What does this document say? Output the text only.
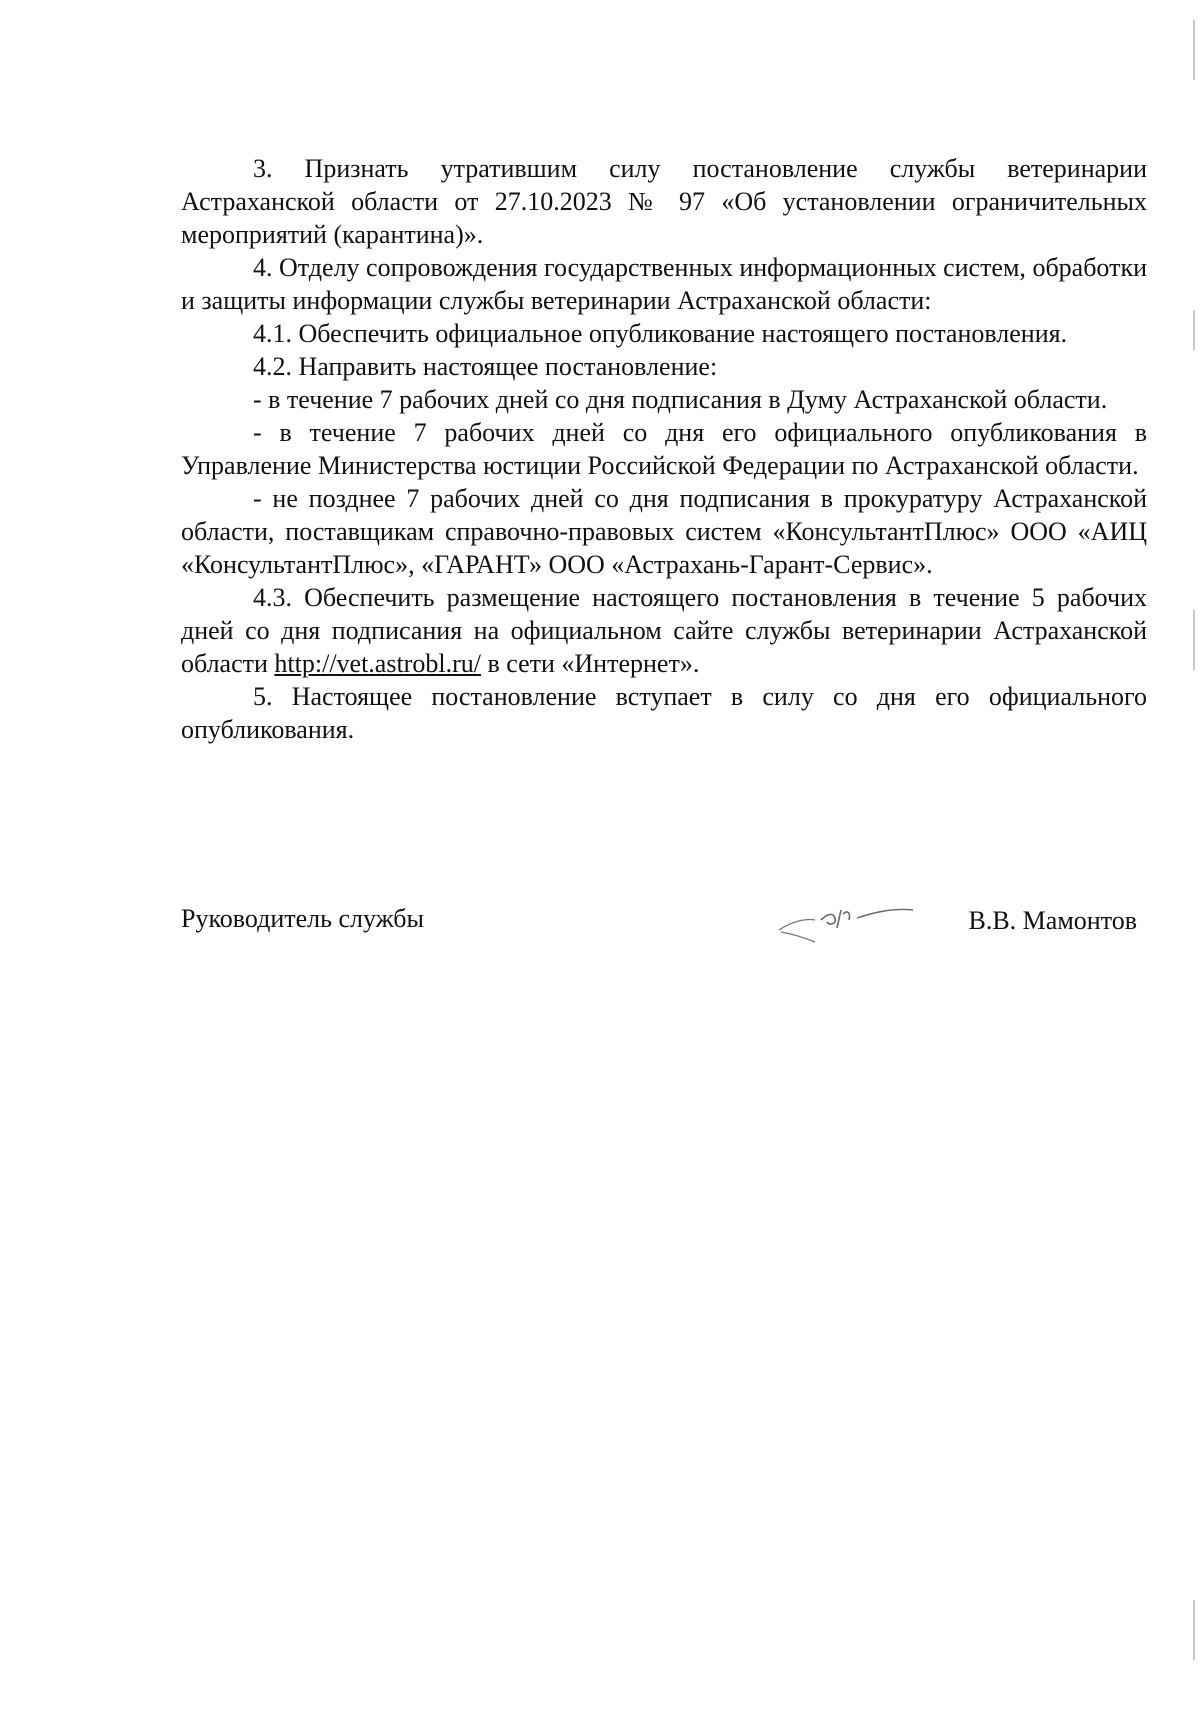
3. Признать утратившим силу постановление службы ветеринарии Астраханской области от 27.10.2023 № 97 «Об установлении ограничительных мероприятий (карантина)».

4. Отделу сопровождения государственных информационных систем, обработки и защиты информации службы ветеринарии Астраханской области:

4.1. Обеспечить официальное опубликование настоящего постановления.

4.2. Направить настоящее постановление:

- в течение 7 рабочих дней со дня подписания в Думу Астраханской области.

- в течение 7 рабочих дней со дня его официального опубликования в Управление Министерства юстиции Российской Федерации по Астраханской области.

- не позднее 7 рабочих дней со дня подписания в прокуратуру Астраханской области, поставщикам справочно-правовых систем «КонсультантПлюс» ООО «АИЦ «КонсультантПлюс», «ГАРАНТ» ООО «Астрахань-Гарант-Сервис».

4.3. Обеспечить размещение настоящего постановления в течение 5 рабочих дней со дня подписания на официальном сайте службы ветеринарии Астраханской области http://vet.astrobl.ru/ в сети «Интернет».

5. Настоящее постановление вступает в силу со дня его официального опубликования.

Руководитель службы	В.В. Мамонтов
